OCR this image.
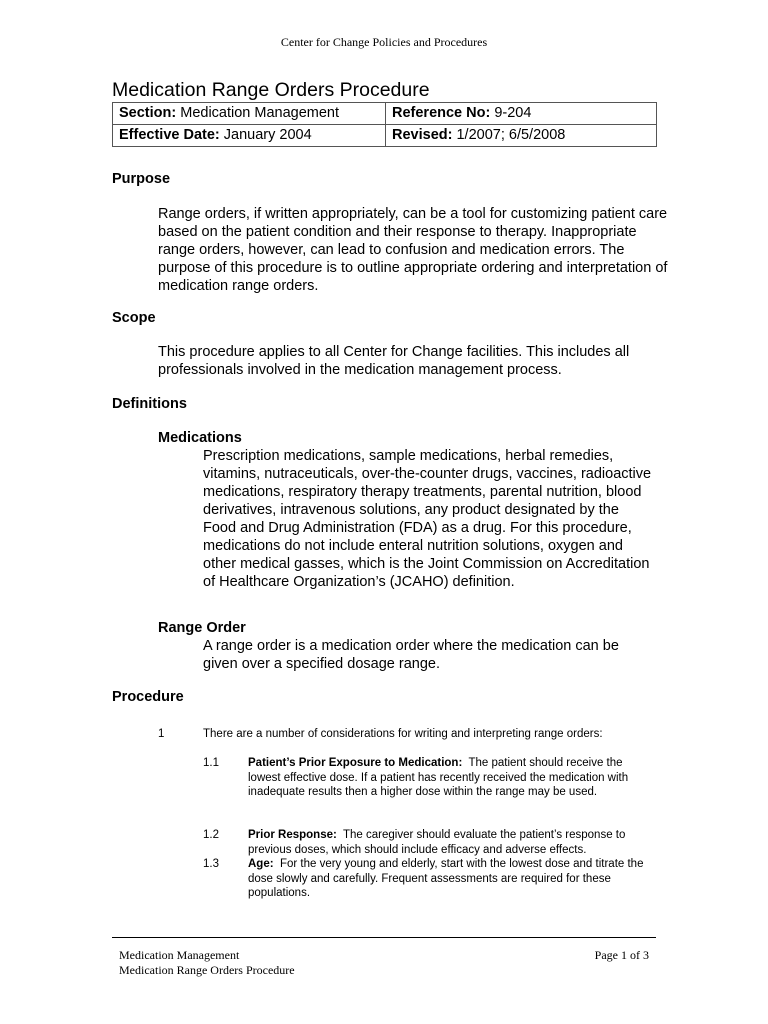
Center for Change Policies and Procedures
Medication Range Orders Procedure
Section: Medication Management	Reference No: 9-204
Effective Date: January 2004	Revised: 1/2007; 6/5/2008
Purpose
Range orders, if written appropriately, can be a tool for customizing patient care based on the patient condition and their response to therapy. Inappropriate range orders, however, can lead to confusion and medication errors. The purpose of this procedure is to outline appropriate ordering and interpretation of medication range orders.
Scope
This procedure applies to all Center for Change facilities. This includes all professionals involved in the medication management process.
Definitions
Medications
Prescription medications, sample medications, herbal remedies, vitamins, nutraceuticals, over-the-counter drugs, vaccines, radioactive medications, respiratory therapy treatments, parental nutrition, blood derivatives, intravenous solutions, any product designated by the Food and Drug Administration (FDA) as a drug. For this procedure, medications do not include enteral nutrition solutions, oxygen and other medical gasses, which is the Joint Commission on Accreditation of Healthcare Organization’s (JCAHO) definition.
Range Order
A range order is a medication order where the medication can be given over a specified dosage range.
Procedure
1	There are a number of considerations for writing and interpreting range orders:
1.1	Patient’s Prior Exposure to Medication: The patient should receive the lowest effective dose. If a patient has recently received the medication with inadequate results then a higher dose within the range may be used.
1.2	Prior Response: The caregiver should evaluate the patient’s response to previous doses, which should include efficacy and adverse effects.
1.3	Age: For the very young and elderly, start with the lowest dose and titrate the dose slowly and carefully. Frequent assessments are required for these populations.
Medication Management
Medication Range Orders Procedure
Page 1 of 3
